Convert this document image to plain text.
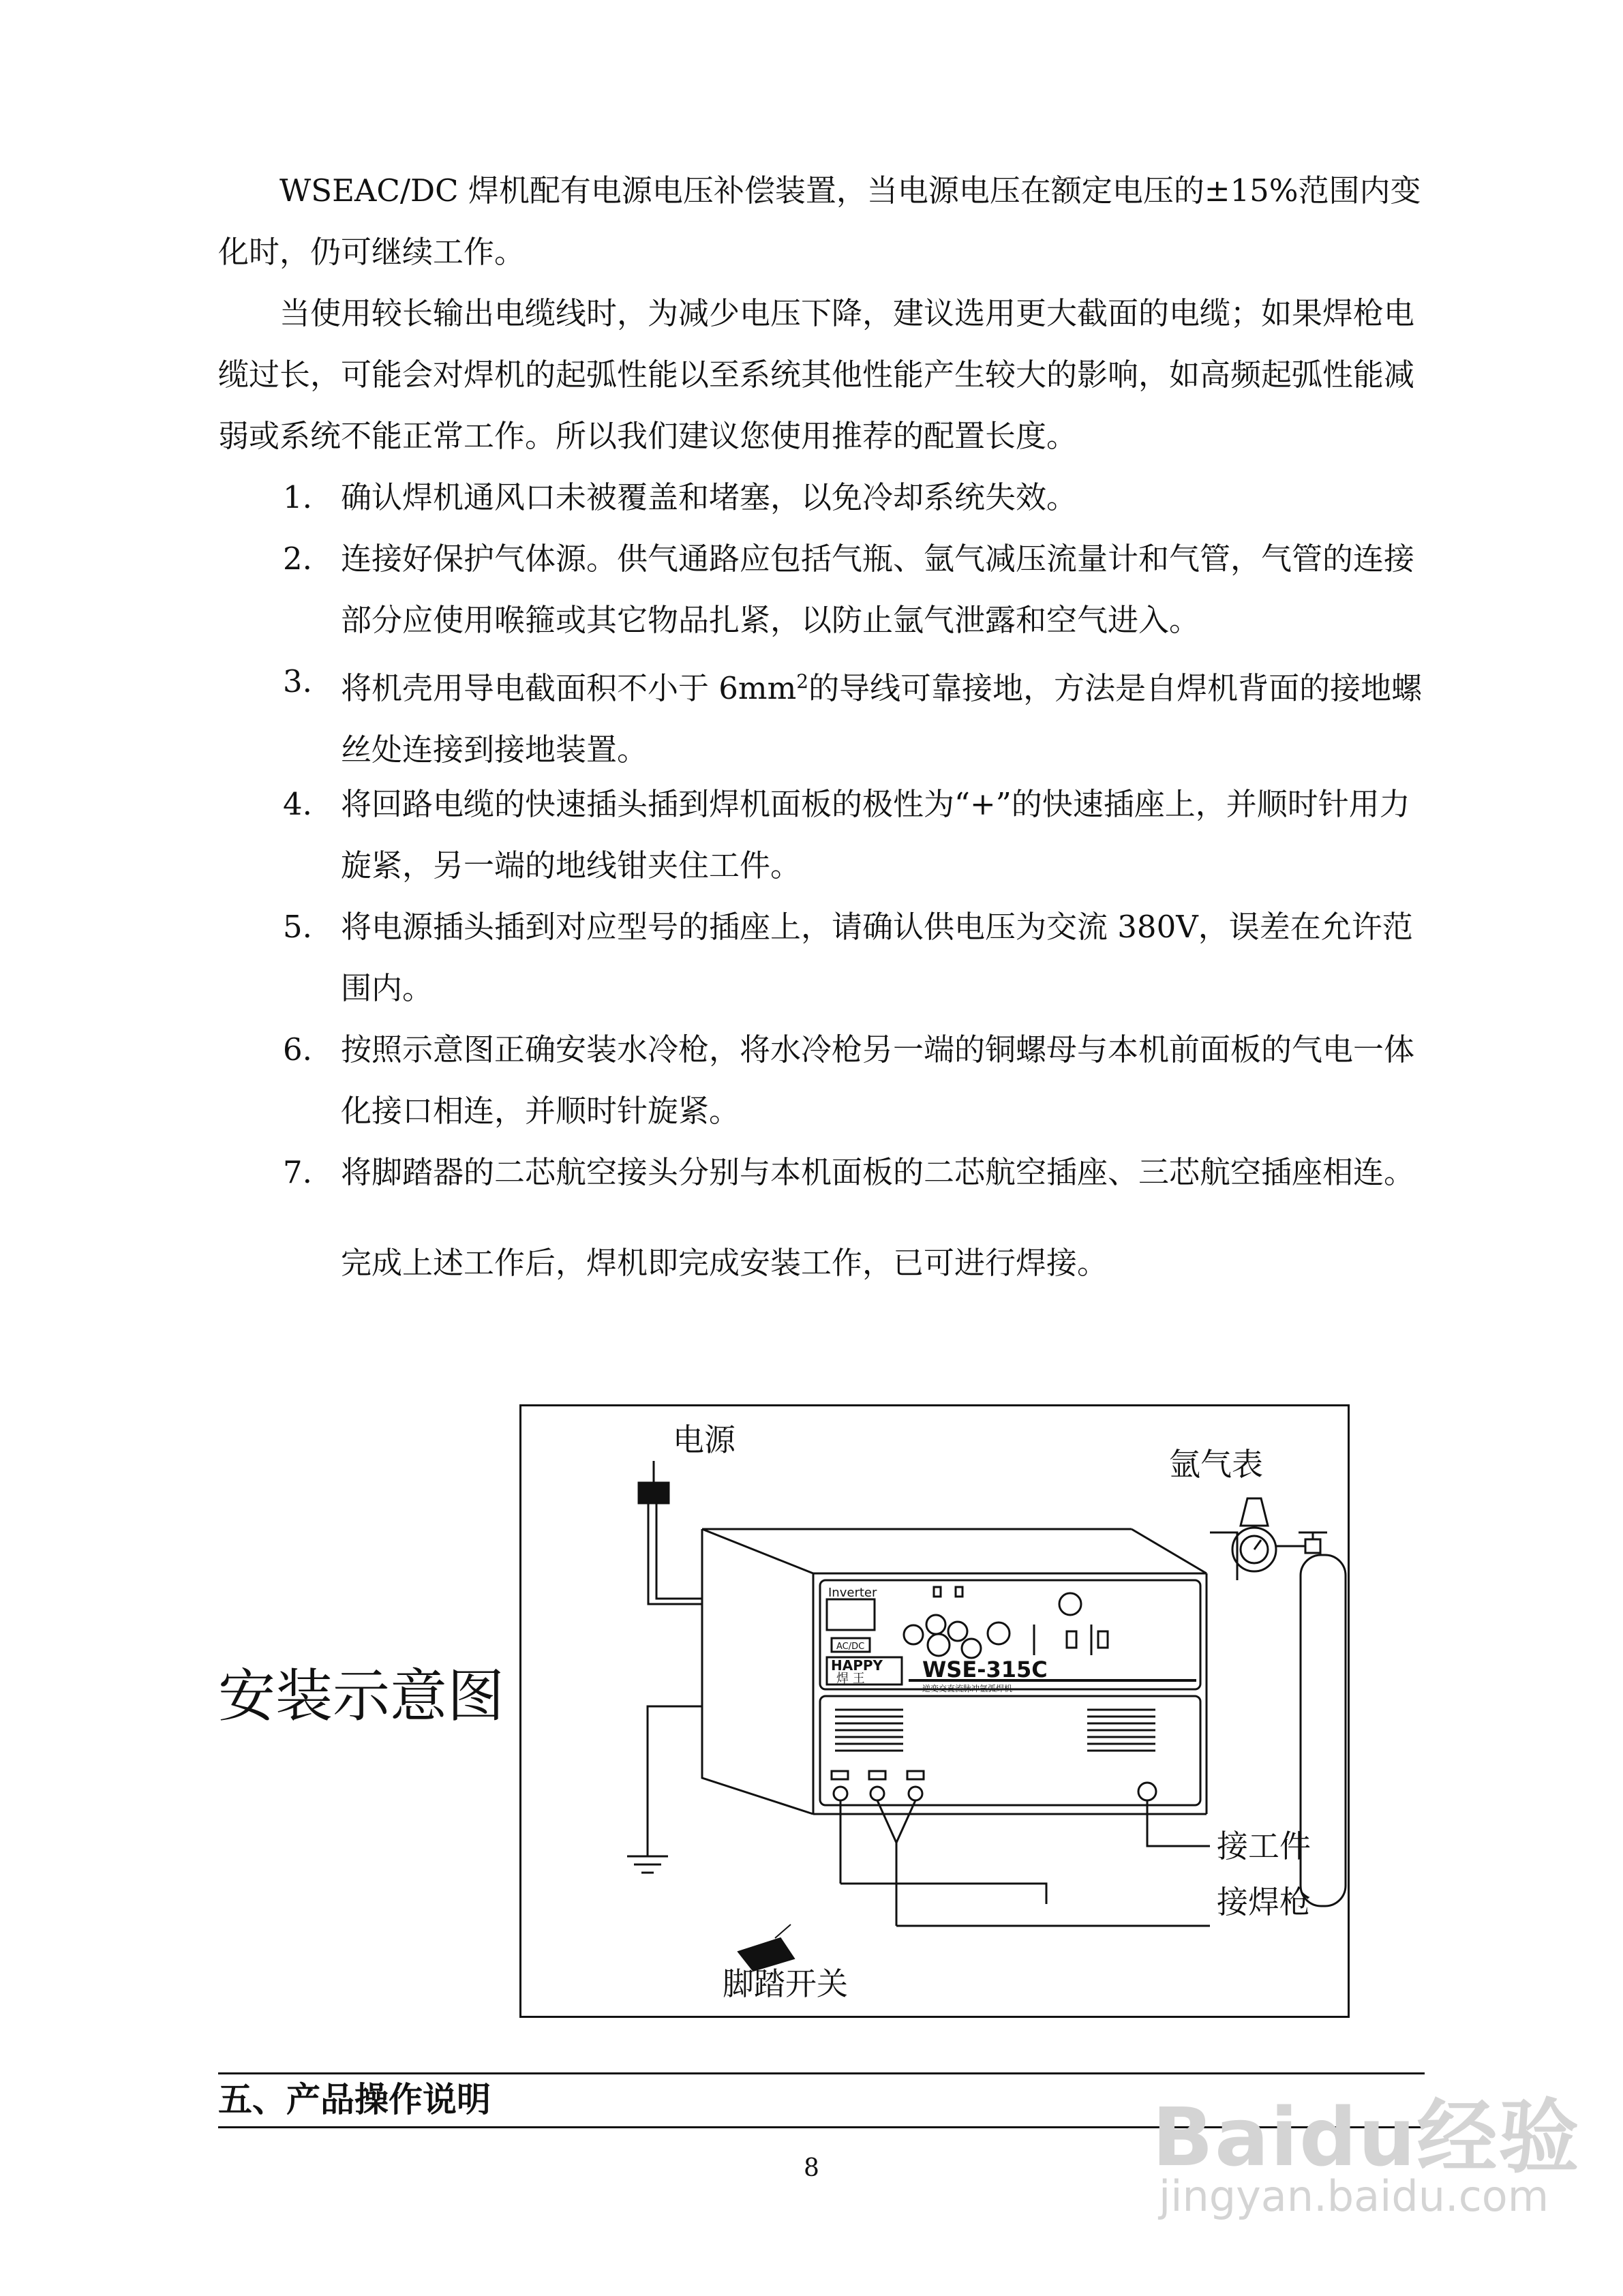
WSEAC/DC 焊机配有电源电压补偿装置，当电源电压在额定电压的±15%范围内变化时，仍可继续工作。

当使用较长输出电缆线时，为减少电压下降，建议选用更大截面的电缆；如果焊枪电缆过长，可能会对焊机的起弧性能以至系统其他性能产生较大的影响，如高频起弧性能减弱或系统不能正常工作。所以我们建议您使用推荐的配置长度。

1. 确认焊机通风口未被覆盖和堵塞，以免冷却系统失效。
2. 连接好保护气体源。供气通路应包括气瓶、氩气减压流量计和气管，气管的连接部分应使用喉箍或其它物品扎紧，以防止氩气泄露和空气进入。
3. 将机壳用导电截面积不小于 $6mm^2$的导线可靠接地，方法是自焊机背面的接地螺丝处连接到接地装置。
4. 将回路电缆的快速插头插到焊机面板的极性为“+”的快速插座上，并顺时针用力旋紧，另一端的地线钳夹住工件。
5. 将电源插头插到对应型号的插座上，请确认供电压为交流 380V，误差在允许范围内。
6. 按照示意图正确安装水冷枪，将水冷枪另一端的铜螺母与本机前面板的气电一体化接口相连，并顺时针旋紧。
7. 将脚踏器的二芯航空接头分别与本机面板的二芯航空插座、三芯航空插座相连。

完成上述工作后，焊机即完成安装工作，已可进行焊接。

安装示意图
Inverter
AC/DC
HAPPY
焊 王	WSE-315C
逆变交直流脉冲氩弧焊机
电源
氩气表
接工件
接焊枪
脚踏开关
五、产品操作说明
8	Baidu经验
jingyan.baidu.com
